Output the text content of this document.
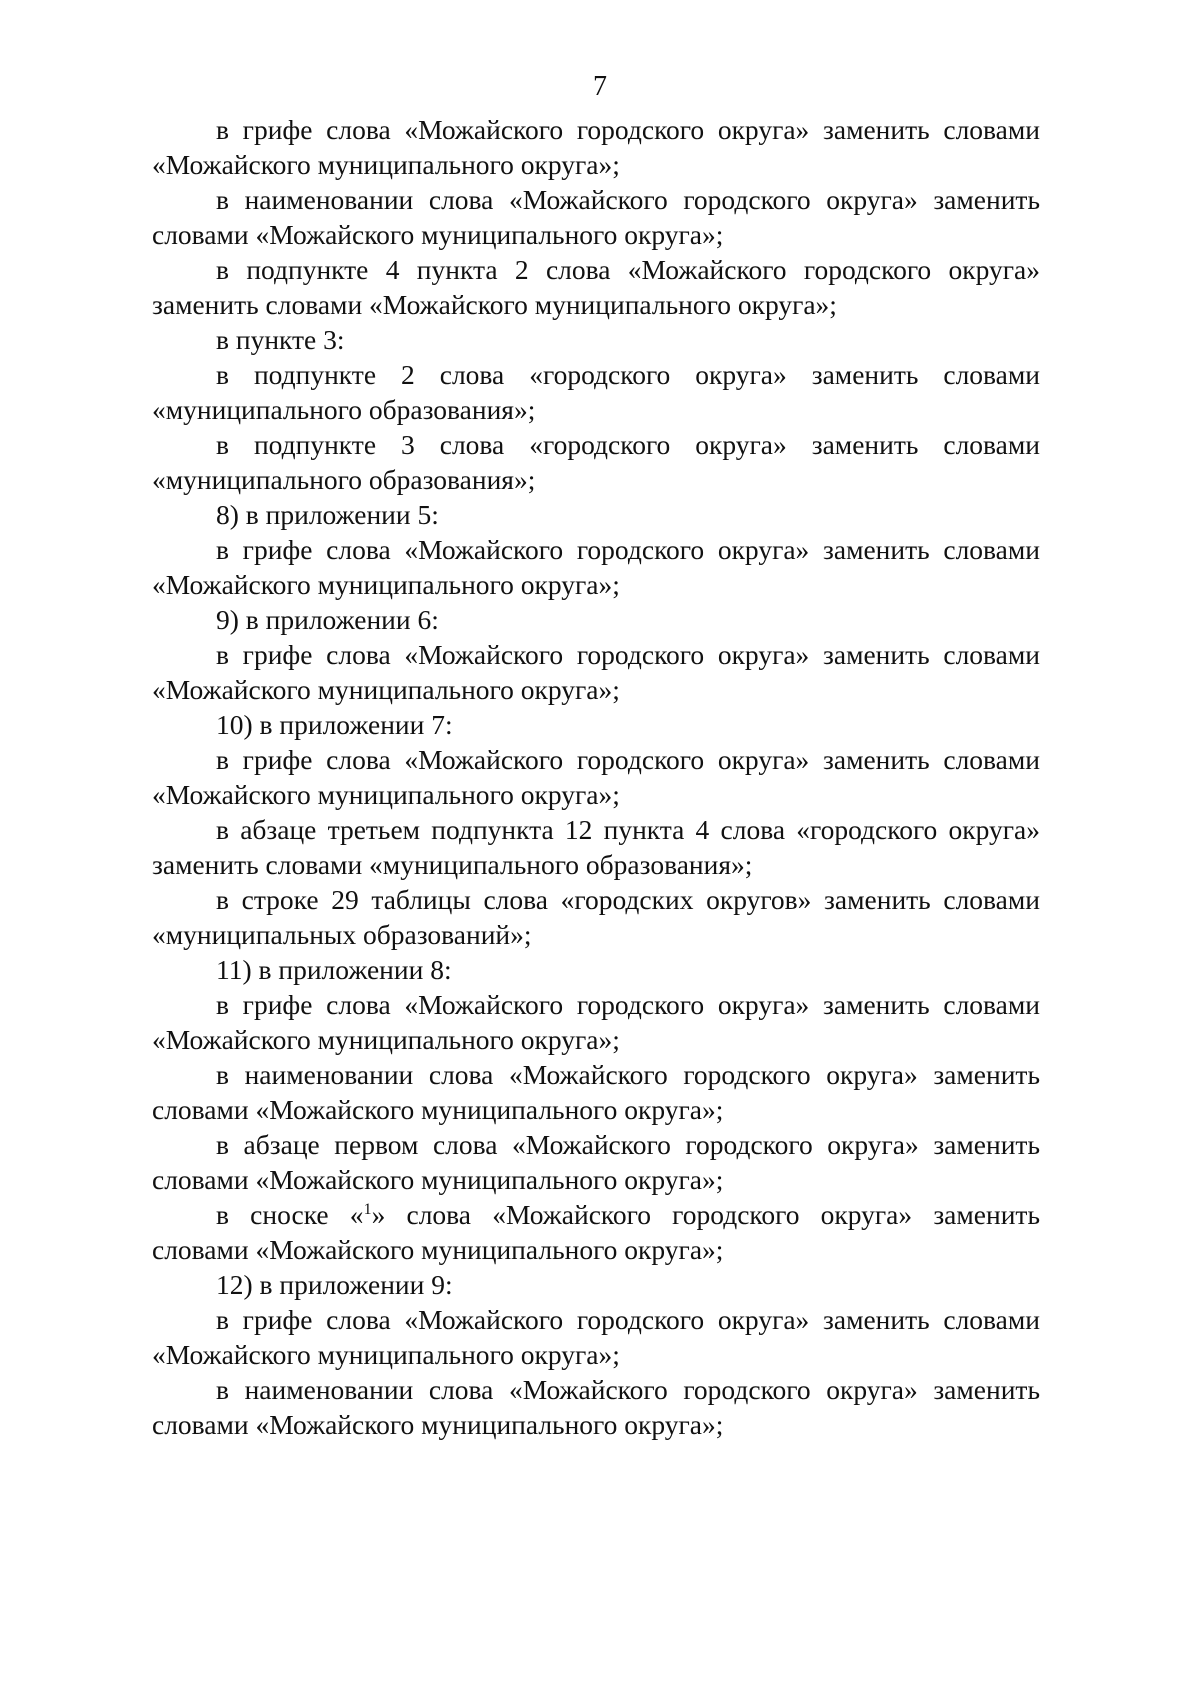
7

в грифе слова «Можайского городского округа» заменить словами «Можайского муниципального округа»;

в наименовании слова «Можайского городского округа» заменить словами «Можайского муниципального округа»;

в подпункте 4 пункта 2 слова «Можайского городского округа» заменить словами «Можайского муниципального округа»;

в пункте 3:

в подпункте 2 слова «городского округа» заменить словами «муниципального образования»;

в подпункте 3 слова «городского округа» заменить словами «муниципального образования»;

8) в приложении 5:

в грифе слова «Можайского городского округа» заменить словами «Можайского муниципального округа»;

9) в приложении 6:

в грифе слова «Можайского городского округа» заменить словами «Можайского муниципального округа»;

10) в приложении 7:

в грифе слова «Можайского городского округа» заменить словами «Можайского муниципального округа»;

в абзаце третьем подпункта 12 пункта 4 слова «городского округа» заменить словами «муниципального образования»;

в строке 29 таблицы слова «городских округов» заменить словами «муниципальных образований»;

11) в приложении 8:

в грифе слова «Можайского городского округа» заменить словами «Можайского муниципального округа»;

в наименовании слова «Можайского городского округа» заменить словами «Можайского муниципального округа»;

в абзаце первом слова «Можайского городского округа» заменить словами «Можайского муниципального округа»;

в сноске «$^1$» слова «Можайского городского округа» заменить словами «Можайского муниципального округа»;

12) в приложении 9:

в грифе слова «Можайского городского округа» заменить словами «Можайского муниципального округа»;

в наименовании слова «Можайского городского округа» заменить словами «Можайского муниципального округа»;
